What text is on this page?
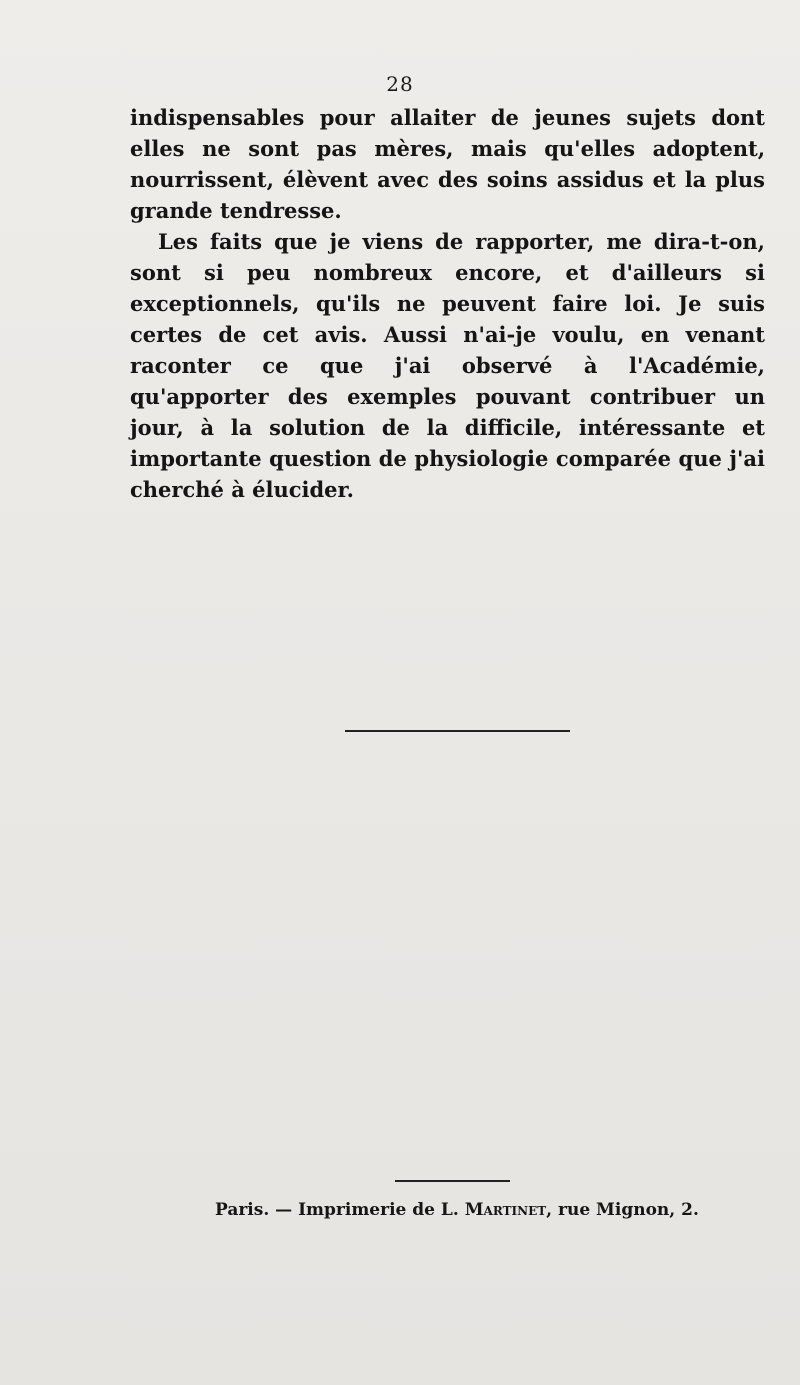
28

indispensables pour allaiter de jeunes sujets dont elles ne sont pas mères, mais qu'elles adoptent, nourrissent, élèvent avec des soins assidus et la plus grande tendresse.

Les faits que je viens de rapporter, me dira-t-on, sont si peu nombreux encore, et d'ailleurs si exceptionnels, qu'ils ne peuvent faire loi. Je suis certes de cet avis. Aussi n'ai-je voulu, en venant raconter ce que j'ai observé à l'Académie, qu'apporter des exemples pouvant contribuer un jour, à la solution de la difficile, intéressante et importante question de physiologie comparée que j'ai cherché à élucider.

Paris. — Imprimerie de L. Martinet, rue Mignon, 2.
